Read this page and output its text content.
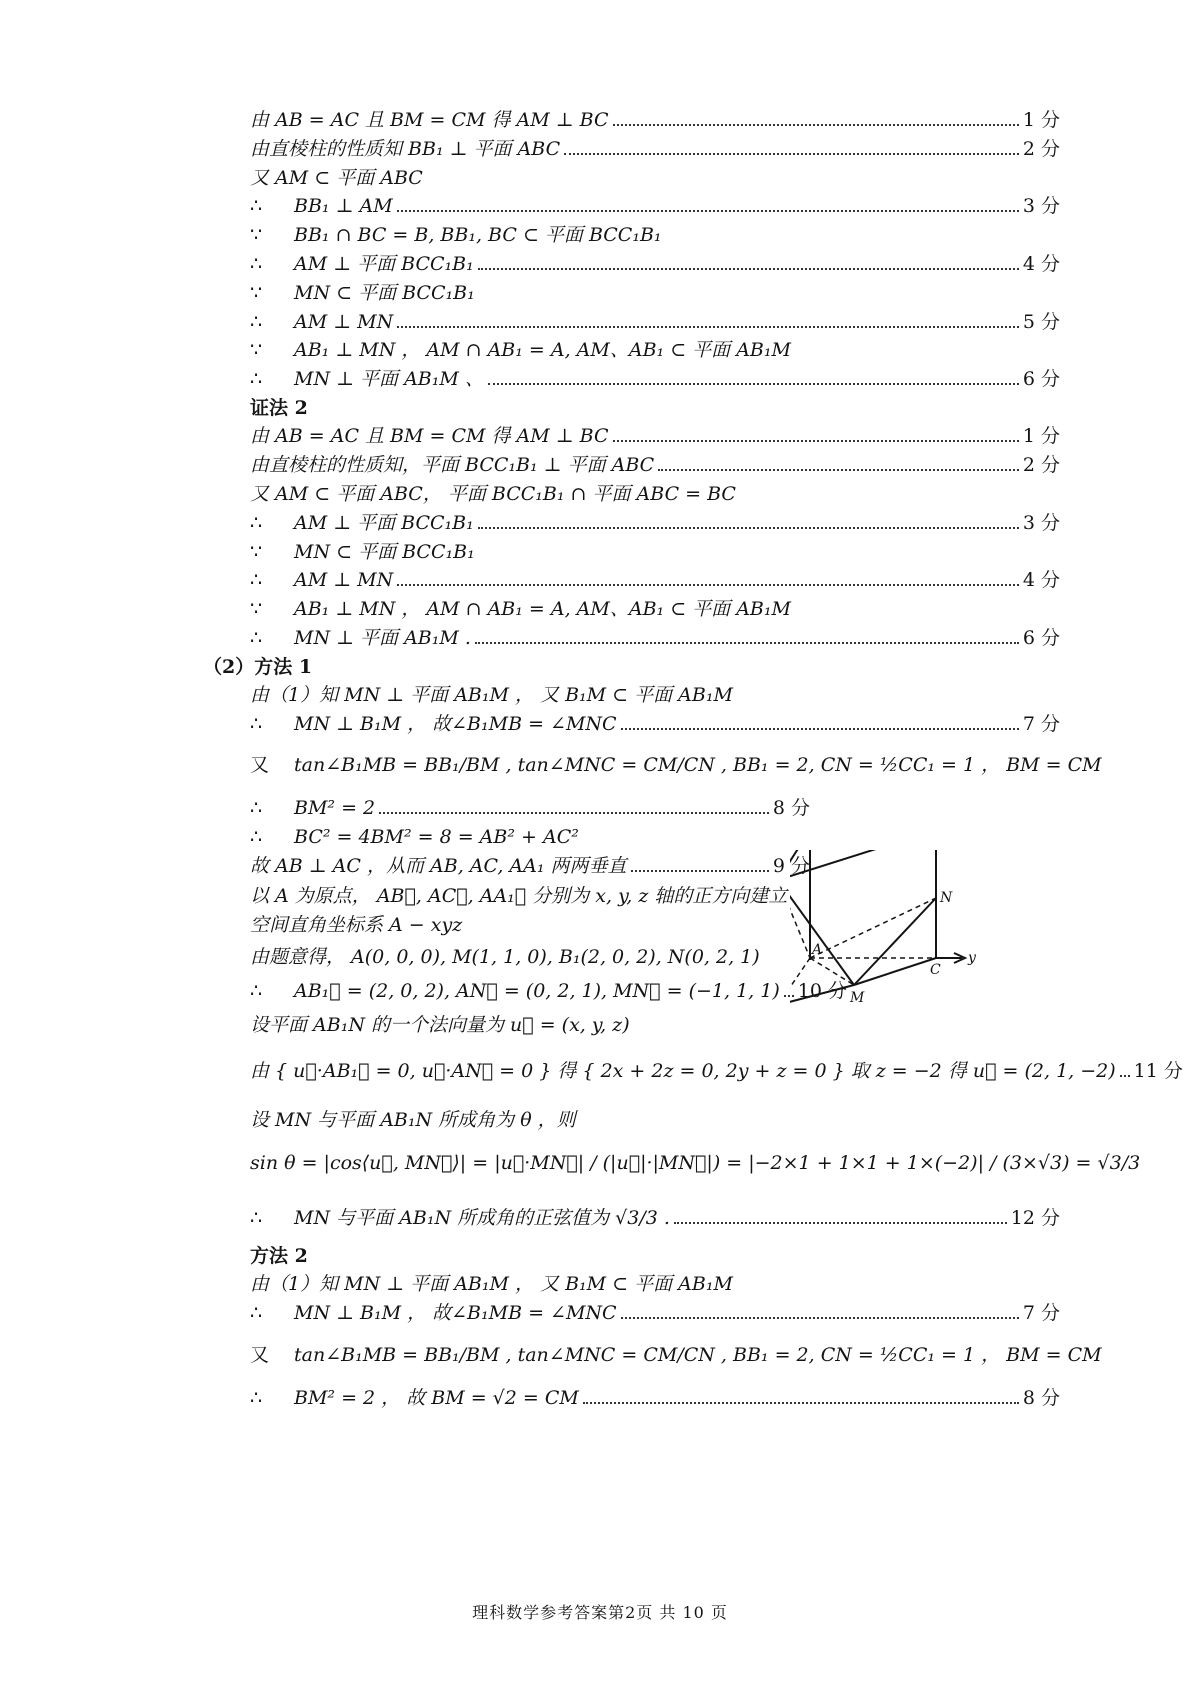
由 AB = AC 且 BM = CM 得 AM ⊥ BC	1 分
由直棱柱的性质知 BB₁ ⊥ 平面 ABC	2 分
又 AM ⊂ 平面 ABC
∴ BB₁ ⊥ AM	3 分
∵ BB₁ ∩ BC = B, BB₁, BC ⊂ 平面 BCC₁B₁
∴ AM ⊥ 平面 BCC₁B₁	4 分
∵ MN ⊂ 平面 BCC₁B₁
∴ AM ⊥ MN	5 分
∵ AB₁ ⊥ MN ， AM ∩ AB₁ = A, AM、AB₁ ⊂ 平面 AB₁M
∴ MN ⊥ 平面 AB₁M 、	6 分
证法 2
由 AB = AC 且 BM = CM 得 AM ⊥ BC	1 分
由直棱柱的性质知，平面 BCC₁B₁ ⊥ 平面 ABC	2 分
又 AM ⊂ 平面 ABC， 平面 BCC₁B₁ ∩ 平面 ABC = BC
∴ AM ⊥ 平面 BCC₁B₁	3 分
∵ MN ⊂ 平面 BCC₁B₁
∴ AM ⊥ MN	4 分
∵ AB₁ ⊥ MN ， AM ∩ AB₁ = A, AM、AB₁ ⊂ 平面 AB₁M
∴ MN ⊥ 平面 AB₁M .	6 分
（2）方法 1
由（1）知 MN ⊥ 平面 AB₁M ， 又 B₁M ⊂ 平面 AB₁M
∴ MN ⊥ B₁M ， 故∠B₁MB = ∠MNC	7 分
又 tan∠B₁MB = BB₁/BM , tan∠MNC = CM/CN , BB₁ = 2, CN = ½CC₁ = 1 ， BM = CM
∴ BM² = 2	8 分
∴ BC² = 4BM² = 8 = AB² + AC²
故 AB ⊥ AC ，从而 AB, AC, AA₁ 两两垂直	9 分
以 A 为原点， AB⃗, AC⃗, AA₁⃗ 分别为 x, y, z 轴的正方向建立
空间直角坐标系 A − xyz
由题意得， A(0, 0, 0), M(1, 1, 0), B₁(2, 0, 2), N(0, 2, 1)
∴ AB₁⃗ = (2, 0, 2), AN⃗ = (0, 2, 1), MN⃗ = (−1, 1, 1) 10 分
设平面 AB₁N 的一个法向量为 u⃗ = (x, y, z)
由 { u⃗·AB₁⃗ = 0, u⃗·AN⃗ = 0 } 得 { 2x + 2z = 0, 2y + z = 0 } 取 z = −2 得 u⃗ = (2, 1, −2) 11 分
设 MN 与平面 AB₁N 所成角为 θ ，则
sin θ = |cos⟨u⃗, MN⃗⟩| = |u⃗·MN⃗| / (|u⃗|·|MN⃗|) = |−2×1 + 1×1 + 1×(−2)| / (3×√3) = √3/3
∴ MN 与平面 AB₁N 所成角的正弦值为 √3/3 .	12 分
方法 2
由（1）知 MN ⊥ 平面 AB₁M ， 又 B₁M ⊂ 平面 AB₁M
∴ MN ⊥ B₁M ， 故∠B₁MB = ∠MNC	7 分
又 tan∠B₁MB = BB₁/BM , tan∠MNC = CM/CN , BB₁ = 2, CN = ½CC₁ = 1 ， BM = CM
∴ BM² = 2 ， 故 BM = √2 = CM	8 分
y
N
A
C
M
理科数学参考答案第2页 共 10 页
